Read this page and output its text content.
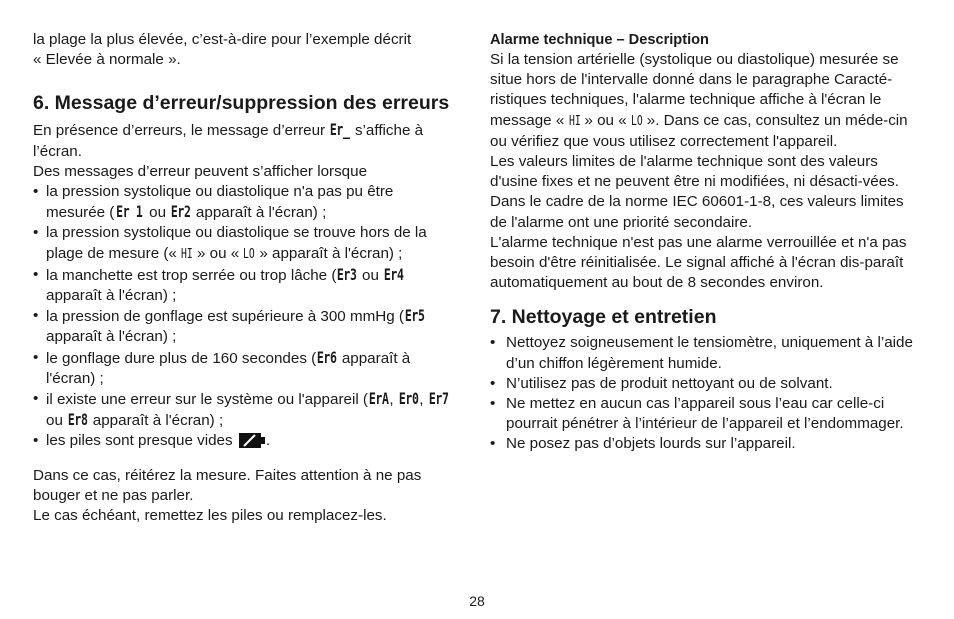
la plage la plus élevée, c’est-à-dire pour l’exemple décrit

« Elevée à normale ».

6. Message d’erreur/suppression des erreurs

En présence d’erreurs, le message d’erreur Er_ s’affiche à l’écran.

Des messages d’erreur peuvent s’afficher lorsque

• la pression systolique ou diastolique n'a pas pu être mesurée ( Er 1 ou Er2 apparaît à l'écran) ;
• la pression systolique ou diastolique se trouve hors de la plage de mesure (« HI » ou « LO » apparaît à l'écran) ;
• la manchette est trop serrée ou trop lâche (Er3 ou Er4 apparaît à l'écran) ;
• la pression de gonflage est supérieure à 300 mmHg (Er5 apparaît à l'écran) ;
• le gonflage dure plus de 160 secondes (Er6 apparaît à l'écran) ;
• il existe une erreur sur le système ou l'appareil (ErA, Er0, Er7 ou Er8 apparaît à l'écran) ;
• les piles sont presque vides .

Dans ce cas, réitérez la mesure. Faites attention à ne pas bouger et ne pas parler.

Le cas échéant, remettez les piles ou remplacez-les.

Alarme technique – Description

Si la tension artérielle (systolique ou diastolique) mesurée se situe hors de l'intervalle donné dans le paragraphe Caracté-ristiques techniques, l'alarme technique affiche à l'écran le message « HI » ou « LO ». Dans ce cas, consultez un méde-cin ou vérifiez que vous utilisez correctement l'appareil.

Les valeurs limites de l'alarme technique sont des valeurs d'usine fixes et ne peuvent être ni modifiées, ni désacti-vées. Dans le cadre de la norme IEC 60601-1-8, ces valeurs limites de l'alarme ont une priorité secondaire.

L'alarme technique n'est pas une alarme verrouillée et n'a pas besoin d'être réinitialisée. Le signal affiché à l'écran dis-paraît automatiquement au bout de 8 secondes environ.

7. Nettoyage et entretien
• Nettoyez soigneusement le tensiomètre, uniquement à l’aide d’un chiffon légèrement humide.
• N’utilisez pas de produit nettoyant ou de solvant.
• Ne mettez en aucun cas l’appareil sous l’eau car celle-ci pourrait pénétrer à l’intérieur de l’appareil et l’endommager.
• Ne posez pas d’objets lourds sur l’appareil.
28
